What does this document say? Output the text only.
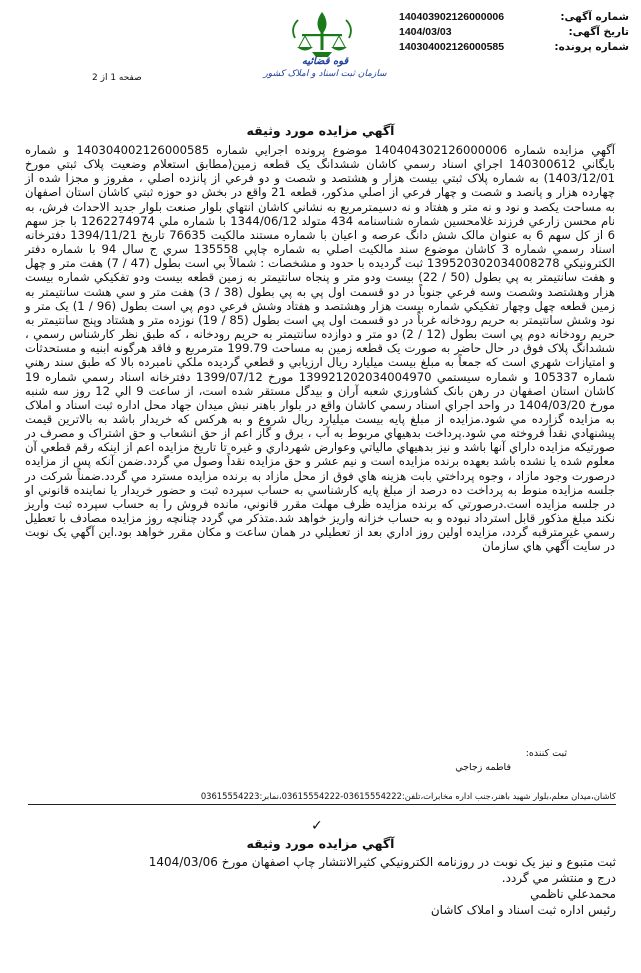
شماره آگهی:
140403902126000006
تاریخ آگهی:
1404/03/03
شماره پرونده:
140304002126000585
قوه قضائیه
سازمان ثبت اسناد و املاک کشور
صفحه 1 از 2
آگهي مزايده مورد وثيقه

آگهي مزايده شماره 140404302126000006 موضوع پرونده اجرايي شماره 140304002126000585 و شماره بايگاني 140300612 اجراي اسناد رسمي كاشان ششدانگ يک قطعه زمين(مطابق استعلام وضعيت پلاک ثبتي مورخ 1403/12/01) به شماره پلاک ثبتي بيست هزار و هشتصد و شصت و دو فرعي از پانزده اصلي ، مفروز و مجزا شده از چهارده هزار و پانصد و شصت و چهار فرعي از اصلي مذكور، قطعه 21 واقع در بخش دو حوزه ثبتي كاشان استان اصفهان به مساحت يكصد و نود و نه متر و هفتاد و نه دسيمترمربع به نشاني كاشان انتهاي بلوار صنعت بلوار جديد الاحداث فرش، به نام محسن زارعي فرزند غلامحسين شماره شناسنامه 434 متولد 1344/06/12 با شماره ملي 1262274974 با جز سهم 6 از كل سهم 6 به عنوان مالک شش دانگ عرصه و اعيان با شماره مستند مالكيت 76635 تاريخ 1394/11/21 دفترخانه اسناد رسمي شماره 3 كاشان موضوع سند مالكيت اصلي به شماره چاپي 135558 سري ج سال 94 با شماره دفتر الكترونيكي 139520302034008278 ثبت گرديده با حدود و مشخصات : شمالاً بي است بطول (47 / 7) هفت متر و چهل و هفت سانتيمتر به پي بطول (50 / 22) بيست ودو متر و پنجاه سانتيمتر به زمين قطعه بيست ودو تفكيكي شماره بيست هزار وهشتصد وشصت وسه فرعي جنوباً در دو قسمت اول پي به پي بطول (38 / 3) هفت متر و سي هشت سانتيمتر به زمين قطعه چهل وچهار تفكيكي شماره بيست هزار وهشتصد و هفتاد وشش فرعي دوم پي است بطول (96 / 1) يک متر و نود وشش سانتيمتر به حريم رودخانه غرباً در دو قسمت اول پي است بطول (85 / 19) نوزده متر و هشتاد وپنج سانتيمتر به حريم رودخانه دوم پي است بطول (12 / 2) دو متر و دوازده سانتيمتر به حريم رودخانه ، كه طبق نظر كارشناس رسمي ، ششدانگ پلاک فوق در حال حاضر به صورت يک قطعه زمين به مساحت 199.79 مترمربع و فاقد هرگونه ابنيه و مستحدثات و امتيازات شهري است كه جمعاً به مبلغ بيست ميليارد ريال ارزيابي و قطعي گرديده ملكي نامبرده بالا كه طبق سند رهني شماره 105337 و شماره سيستمي 139921202034004970 مورخ 1399/07/12 دفترخانه اسناد رسمي شماره 19 كاشان استان اصفهان در رهن بانک كشاورزي شعبه آران و بيدگل مستقر شده است، از ساعت 9 الي 12 روز سه شنبه مورخ 1404/03/20 در واحد اجراي اسناد رسمي كاشان واقع در بلوار باهنر نبش ميدان جهاد محل اداره ثبت اسناد و املاک به مزايده گزارده مي شود.مزايده از مبلغ پايه بيست ميليارد ريال شروع و به هركس كه خريدار باشد به بالاترين قيمت پيشنهادي نقداً فروخته مي شود.پرداخت بدهيهاي مربوط به آب ، برق و گاز اعم از حق انشعاب و حق اشتراک و مصرف در صورتيكه مزايده داراي آنها باشد و نيز بدهيهاي مالياتي وعوارض شهرداري و غيره تا تاريخ مزايده اعم از اينكه رقم قطعي آن معلوم شده يا نشده باشد بعهده برنده مزايده است و نيم عشر و حق مزايده نقداً وصول مي گردد.ضمن آنكه پس از مزايده درصورت وجود مازاد ، وجوه پرداختي بابت هزينه هاي فوق از محل مازاد به برنده مزايده مسترد مي گردد.ضمناً شركت در جلسه مزايده منوط به پرداخت ده درصد از مبلغ پايه كارشناسي به حساب سپرده ثبت و حضور خريدار يا نماينده قانوني او در جلسه مزايده است.درصورتي كه برنده مزايده ظرف مهلت مقرر قانوني، مانده فروش را به حساب سپرده ثبت واريز نكند مبلغ مذكور قابل استرداد نبوده و به حساب خزانه واريز خواهد شد.متذكر مي گردد چنانچه روز مزايده مصادف با تعطيل رسمي غيرمترقبه گردد، مزايده اولين روز اداري بعد از تعطيلي در همان ساعت و مكان مقرر خواهد بود.اين آگهي يک نوبت در سايت آگهي هاي سازمان

ثبت كننده:
فاطمه زجاجي
كاشان،ميدان معلم،بلوار شهيد باهنر،جنب اداره مخابرات،تلفن:03615554222-03615554222،نمابر:03615554223
✓
آگهي مزايده مورد وثيقه

ثبت متبوع و نيز يک نوبت در روزنامه الكترونيكي كثيرالانتشار چاپ اصفهان مورخ 1404/03/06

درج و منتشر مي گردد.

محمدعلي ناظمي

رئيس اداره ثبت اسناد و املاک كاشان
